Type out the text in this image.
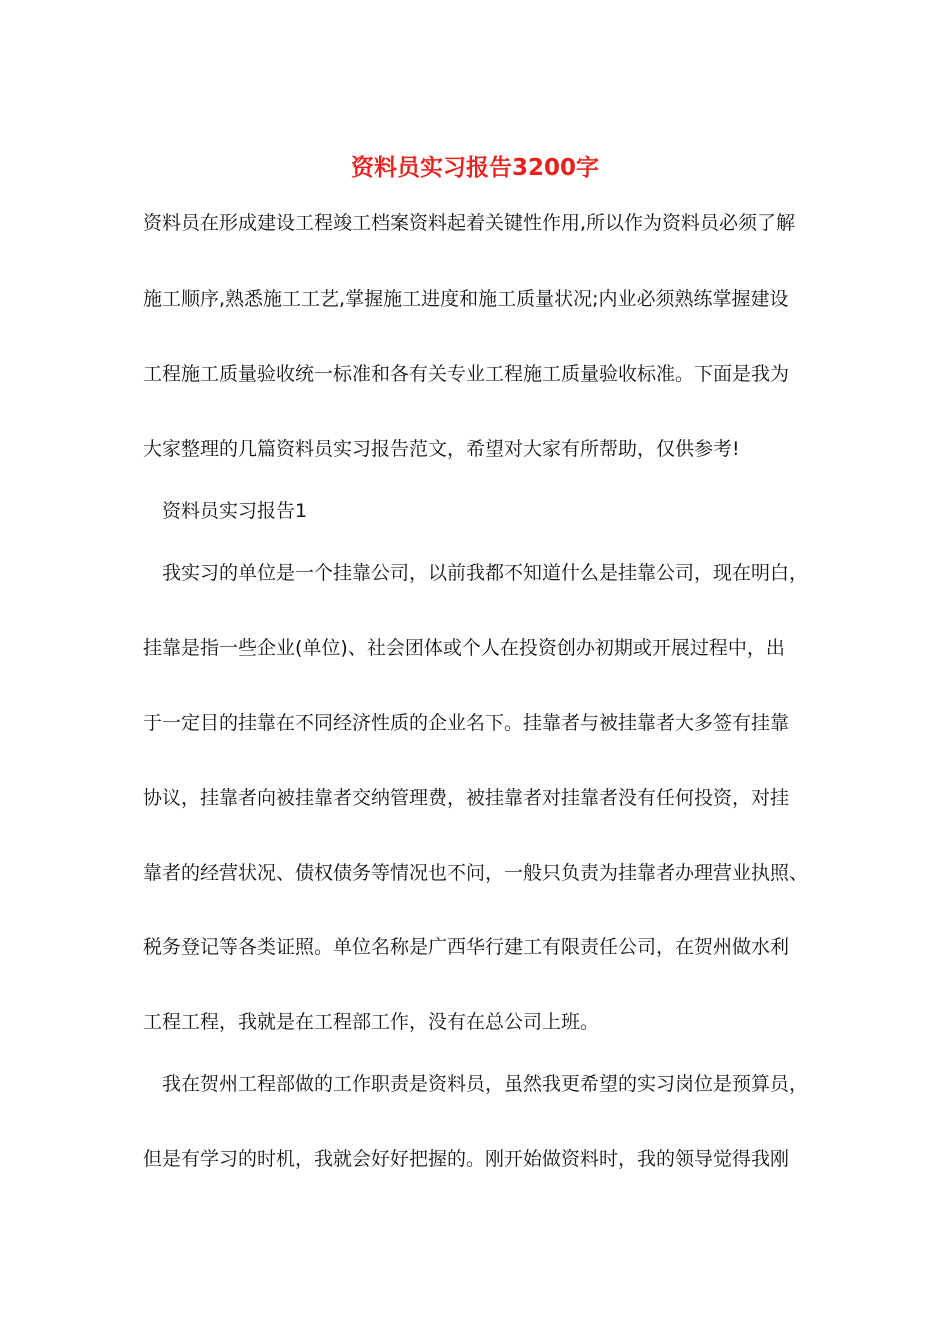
资料员实习报告3200字
资料员在形成建设工程竣工档案资料起着关键性作用,所以作为资料员必须了解
施工顺序,熟悉施工工艺,掌握施工进度和施工质量状况;内业必须熟练掌握建设
工程施工质量验收统一标准和各有关专业工程施工质量验收标准。下面是我为
大家整理的几篇资料员实习报告范文，希望对大家有所帮助，仅供参考!
资料员实习报告1
我实习的单位是一个挂靠公司，以前我都不知道什么是挂靠公司，现在明白，
挂靠是指一些企业(单位)、社会团体或个人在投资创办初期或开展过程中，出
于一定目的挂靠在不同经济性质的企业名下。挂靠者与被挂靠者大多签有挂靠
协议，挂靠者向被挂靠者交纳管理费，被挂靠者对挂靠者没有任何投资，对挂
靠者的经营状况、债权债务等情况也不问，一般只负责为挂靠者办理营业执照、
税务登记等各类证照。单位名称是广西华行建工有限责任公司，在贺州做水利
工程工程，我就是在工程部工作，没有在总公司上班。
我在贺州工程部做的工作职责是资料员，虽然我更希望的实习岗位是预算员，
但是有学习的时机，我就会好好把握的。刚开始做资料时，我的领导觉得我刚
